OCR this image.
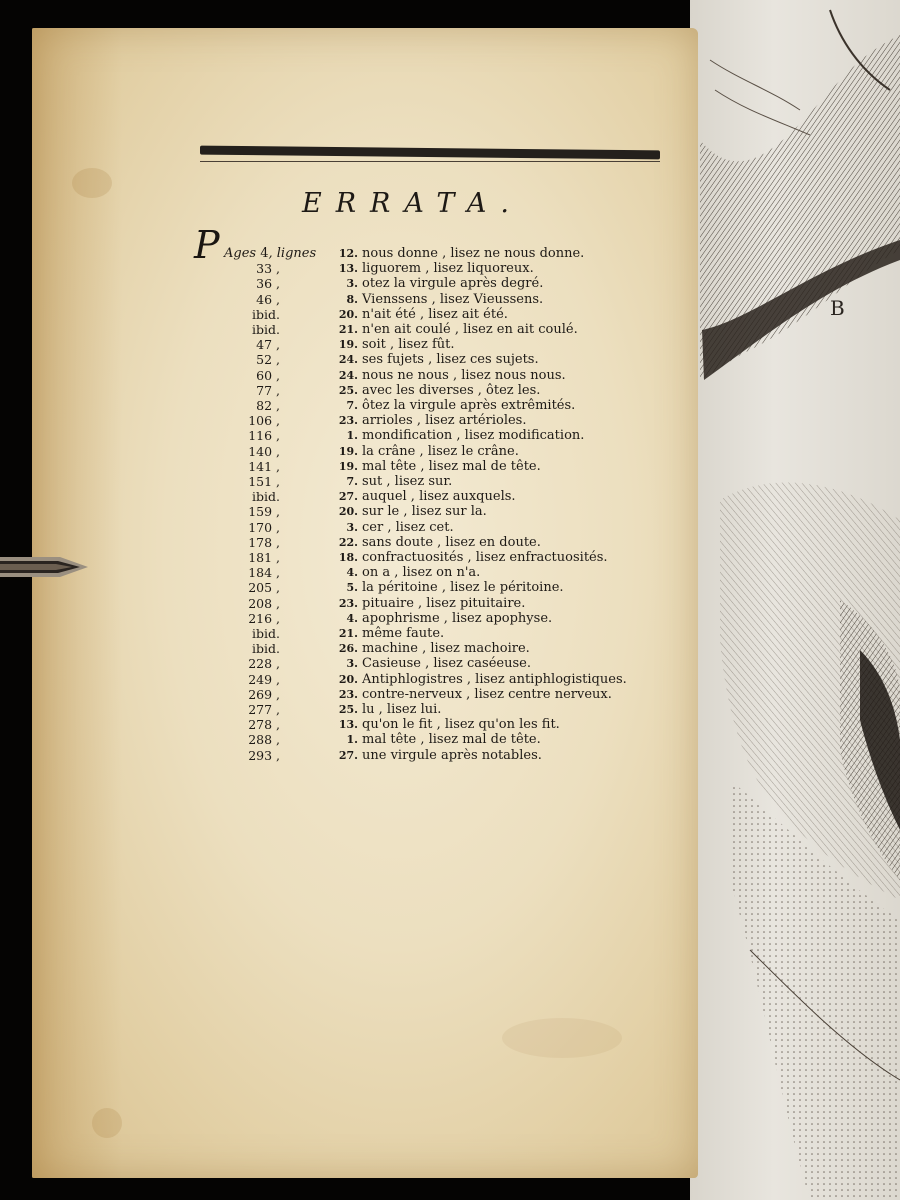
B
ERRATA.
P Ages 4, lignes	12. nous donne , lisez ne nous donne.
33 ,	13. liguorem , lisez liquoreux.
36 ,	3. otez la virgule après degré.
46 ,	8. Vienssens , lisez Vieussens.
ibid.	20. n'ait été , lisez ait été.
ibid.	21. n'en ait coulé , lisez en ait coulé.
47 ,	19. soit , lisez fût.
52 ,	24. ses fujets , lisez ces sujets.
60 ,	24. nous ne nous , lisez nous nous.
77 ,	25. avec les diverses , ôtez les.
82 ,	7. ôtez la virgule après extrêmités.
106 ,	23. arrioles , lisez artérioles.
116 ,	1. mondification , lisez modification.
140 ,	19. la crâne , lisez le crâne.
141 ,	19. mal tête , lisez mal de tête.
151 ,	7. sut , lisez sur.
ibid.	27. auquel , lisez auxquels.
159 ,	20. sur le , lisez sur la.
170 ,	3. cer , lisez cet.
178 ,	22. sans doute , lisez en doute.
181 ,	18. confractuosités , lisez enfractuosités.
184 ,	4. on a , lisez on n'a.
205 ,	5. la péritoine , lisez le péritoine.
208 ,	23. pituaire , lisez pituitaire.
216 ,	4. apophrisme , lisez apophyse.
ibid.	21. même faute.
ibid.	26. machine , lisez machoire.
228 ,	3. Casieuse , lisez caséeuse.
249 ,	20. Antiphlogistres , lisez antiphlogistiques.
269 ,	23. contre-nerveux , lisez centre nerveux.
277 ,	25. lu , lisez lui.
278 ,	13. qu'on le fit , lisez qu'on les fit.
288 ,	1. mal tête , lisez mal de tête.
293 ,	27. une virgule après notables.
